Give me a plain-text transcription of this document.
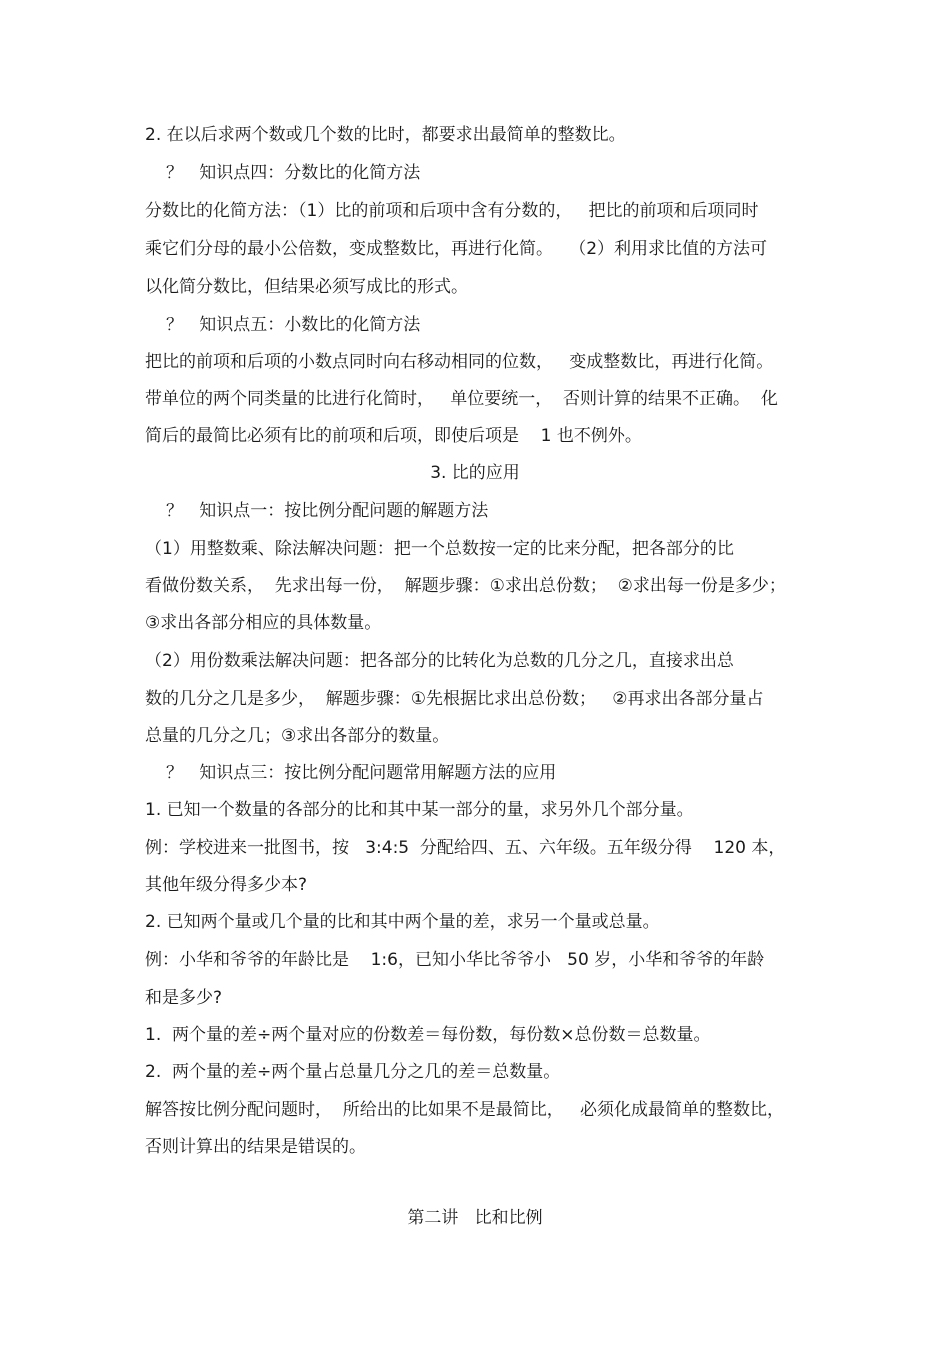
2. 在以后求两个数或几个数的比时，都要求出最简单的整数比。

？   知识点四：分数比的化简方法

分数比的化简方法：（1）比的前项和后项中含有分数的，   把比的前项和后项同时

乘它们分母的最小公倍数，变成整数比，再进行化简。   （2）利用求比值的方法可

以化简分数比，但结果必须写成比的形式。

？   知识点五：小数比的化简方法

把比的前项和后项的小数点同时向右移动相同的位数，   变成整数比，再进行化简。

带单位的两个同类量的比进行化简时，   单位要统一，  否则计算的结果不正确。  化

简后的最简比必须有比的前项和后项，即使后项是    1 也不例外。

3. 比的应用

？   知识点一：按比例分配问题的解题方法

（1）用整数乘、除法解决问题：把一个总数按一定的比来分配，把各部分的比

看做份数关系，  先求出每一份，  解题步骤：①求出总份数；  ②求出每一份是多少；

③求出各部分相应的具体数量。

（2）用份数乘法解决问题：把各部分的比转化为总数的几分之几，直接求出总

数的几分之几是多少，  解题步骤：①先根据比求出总份数；   ②再求出各部分量占

总量的几分之几；③求出各部分的数量。

？   知识点三：按比例分配问题常用解题方法的应用

1. 已知一个数量的各部分的比和其中某一部分的量，求另外几个部分量。

例：学校进来一批图书，按   3:4:5  分配给四、五、六年级。五年级分得    120 本，

其他年级分得多少本?

2. 已知两个量或几个量的比和其中两个量的差，求另一个量或总量。

例：小华和爷爷的年龄比是    1:6，已知小华比爷爷小   50 岁，小华和爷爷的年龄

和是多少?

1.  两个量的差÷两个量对应的份数差＝每份数，每份数×总份数＝总数量。

2.  两个量的差÷两个量占总量几分之几的差＝总数量。

解答按比例分配问题时，  所给出的比如果不是最简比，   必须化成最简单的整数比，

否则计算出的结果是错误的。

第二讲   比和比例
